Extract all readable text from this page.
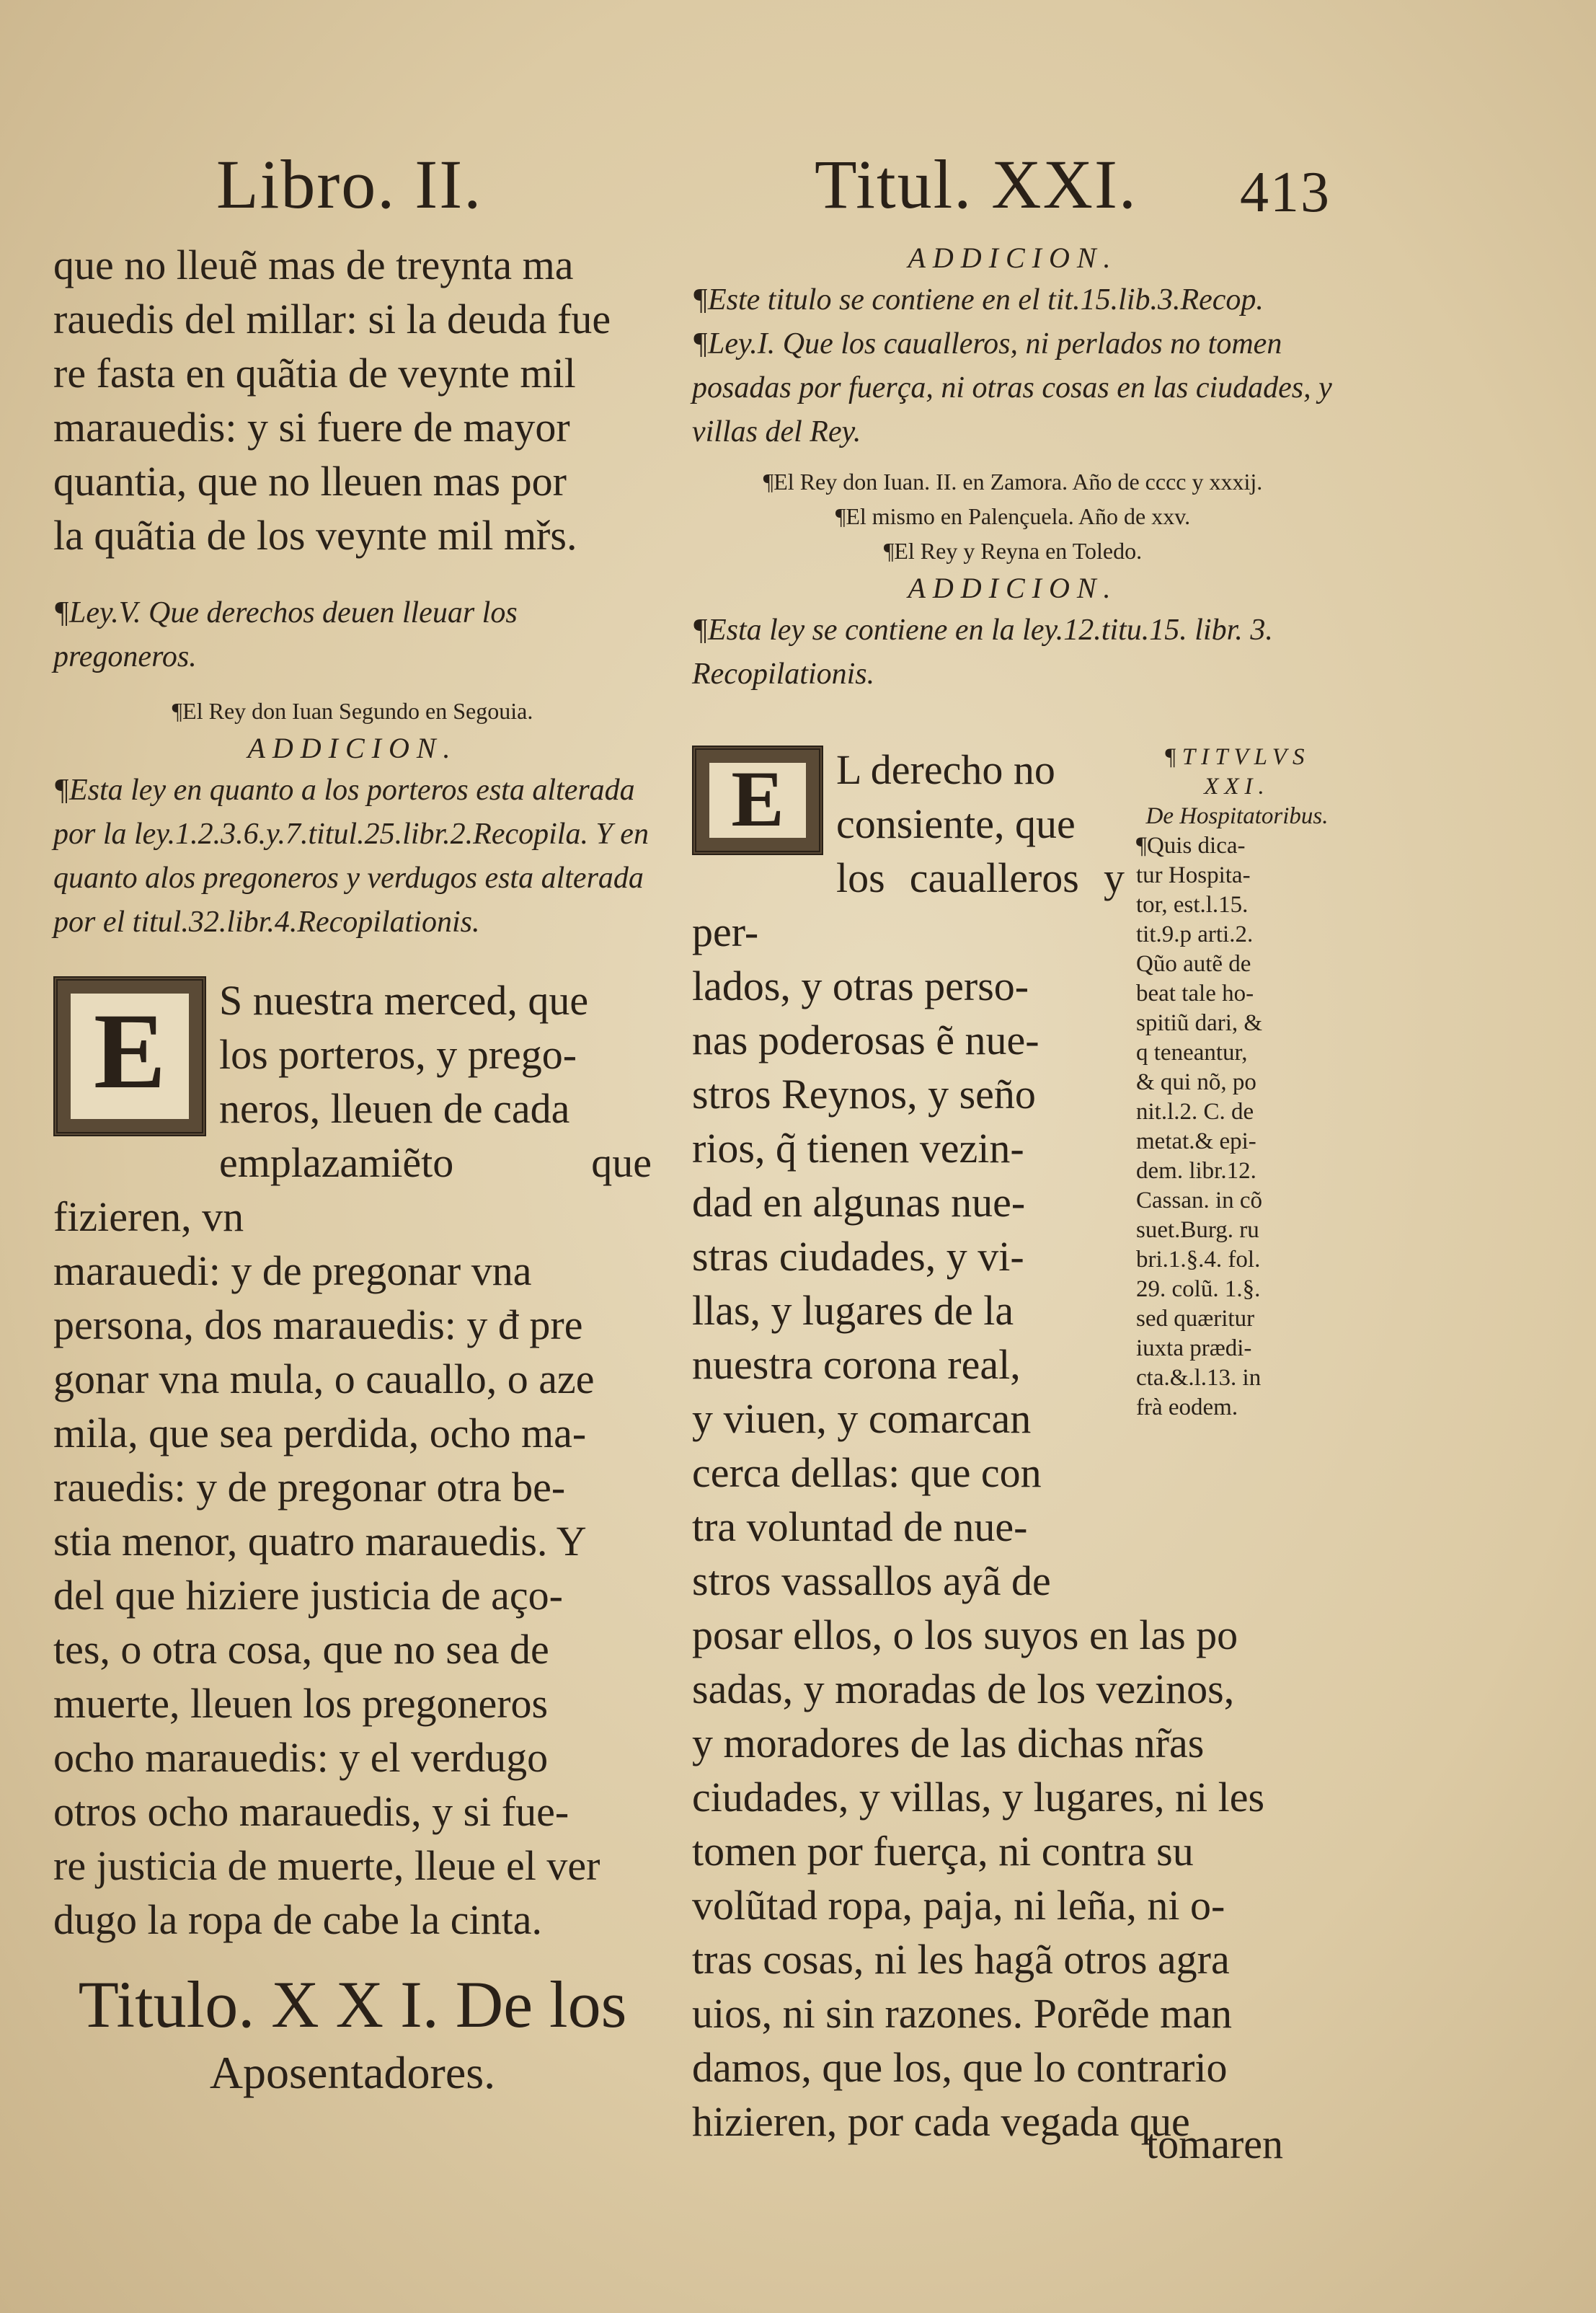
Libro. II.	Titul. XXI. 413

que no lleuẽ mas de treynta ma

rauedis del millar: si la deuda fue

re fasta en quãtia de veynte mil

marauedis: y si fuere de mayor

quantia, que no lleuen mas por

la quãtia de los veynte mil mřs.

¶Ley.V. Que derechos deuen lleuar los pregoneros.

¶El Rey don Iuan Segundo en Segouia.

ADDICION.

¶Esta ley en quanto a los porteros esta alterada por la ley.1.2.3.6.y.7.titul.25.libr.2.Recopila. Y en quanto alos pregoneros y verdugos esta alterada por el titul.32.libr.4.Recopilationis.

E	S nuestra merced, que

los porteros, y prego-

neros, lleuen de cada

emplazamiẽto que fizieren, vn

marauedi: y de pregonar vna

persona, dos marauedis: y đ pre

gonar vna mula, o cauallo, o aze

mila, que sea perdida, ocho ma-

rauedis: y de pregonar otra be-

stia menor, quatro marauedis. Y

del que hiziere justicia de aço-

tes, o otra cosa, que no sea de

muerte, lleuen los pregoneros

ocho marauedis: y el verdugo

otros ocho marauedis, y si fue-

re justicia de muerte, lleue el ver

dugo la ropa de cabe la cinta.

Titulo. X X I. De los
Aposentadores.

ADDICION.

¶Este titulo se contiene en el tit.15.lib.3.Recop.

¶Ley.I. Que los caualleros, ni perlados no tomen posadas por fuerça, ni otras cosas en las ciudades, y villas del Rey.

¶El Rey don Iuan. II. en Zamora. Año de cccc y xxxij.

¶El mismo en Palençuela. Año de xxv.

¶El Rey y Reyna en Toledo.

ADDICION.

¶Esta ley se contiene en la ley.12.titu.15. libr. 3. Recopilationis.

E	L derecho no

consiente, que

los caualleros y per-

lados, y otras perso-

nas poderosas ẽ nue-

stros Reynos, y seño

rios, q̃ tienen vezin-

dad en algunas nue-

stras ciudades, y vi-

llas, y lugares de la

nuestra corona real,

y viuen, y comarcan

cerca dellas: que con

tra voluntad de nue-

stros vassallos ayã de

posar ellos, o los suyos en las po

sadas, y moradas de los vezinos,

y moradores de las dichas nr̃as

ciudades, y villas, y lugares, ni les

tomen por fuerça, ni contra su

volũtad ropa, paja, ni leña, ni o-

tras cosas, ni les hagã otros agra

uios, ni sin razones. Porẽde man

damos, que los, que lo contrario

hizieren, por cada vegada que

tomaren
¶TITVLVS
XXI.
De Hospitatoribus.
¶Quis dica-
tur Hospita-
tor, est.l.15.
tit.9.p arti.2.
Qũo autẽ de
beat tale ho-
spitiũ dari, &
q teneantur,
& qui nõ, po
nit.l.2. C. de
metat.& epi-
dem. libr.12.
Cassan. in cõ
suet.Burg. ru
bri.1.§.4. fol.
29. colũ. 1.§.
sed quæritur
iuxta prædi-
cta.&.l.13. in
frà eodem.
